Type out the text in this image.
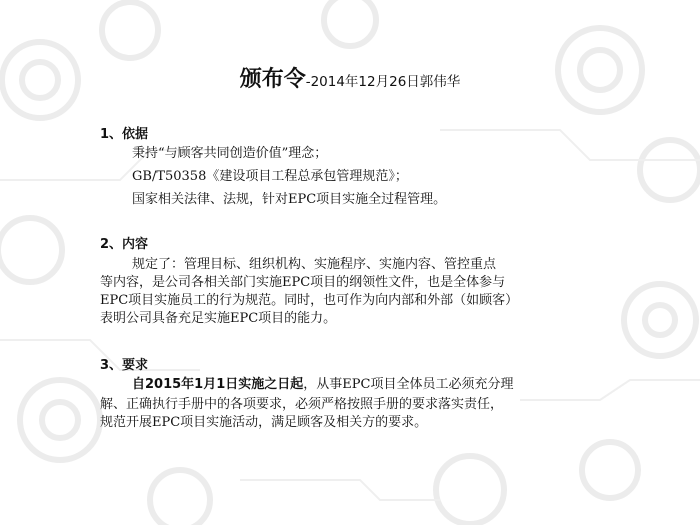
颁布令-2014年12月26日郭伟华
1、依据
秉持“与顾客共同创造价值”理念；
GB/T50358《建设项目工程总承包管理规范》；
国家相关法律、法规，针对EPC项目实施全过程管理。
2、内容
规定了：管理目标、组织机构、实施程序、实施内容、管控重点
等内容，是公司各相关部门实施EPC项目的纲领性文件，也是全体参与
EPC项目实施员工的行为规范。同时，也可作为向内部和外部（如顾客）
表明公司具备充足实施EPC项目的能力。
3、要求
自2015年1月1日实施之日起，从事EPC项目全体员工必须充分理
解、正确执行手册中的各项要求，必须严格按照手册的要求落实责任，
规范开展EPC项目实施活动，满足顾客及相关方的要求。
